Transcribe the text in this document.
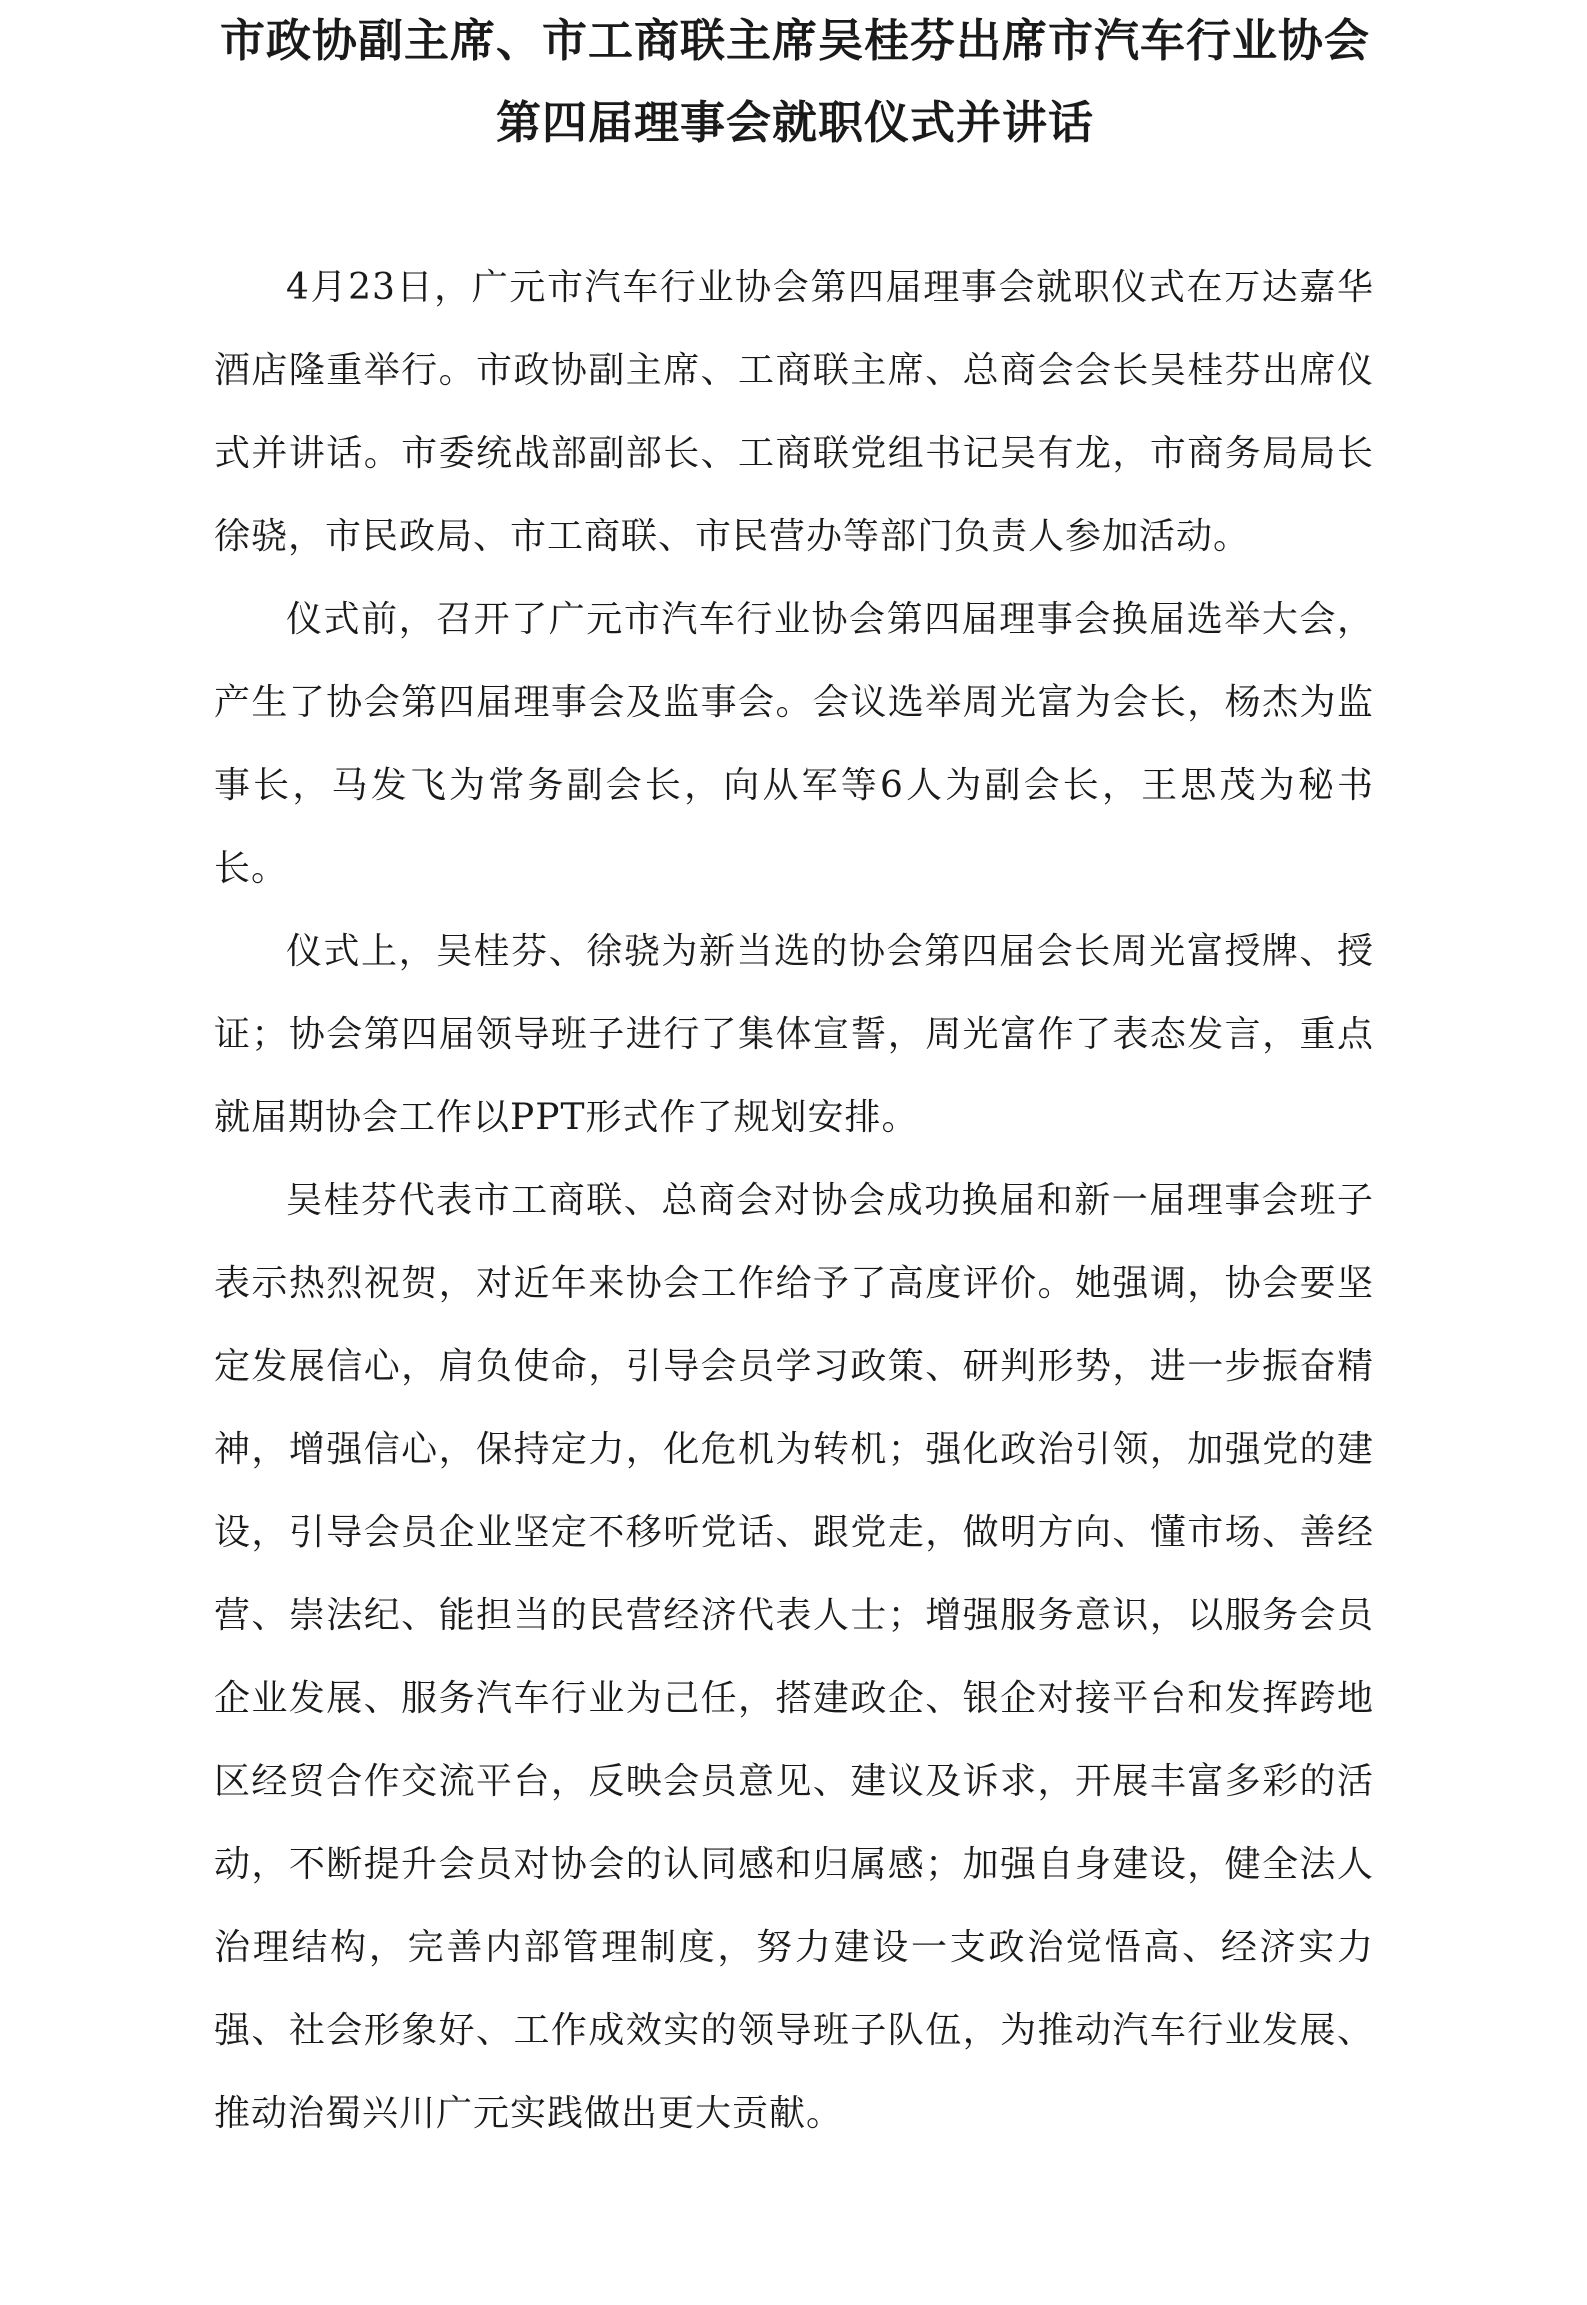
市政协副主席、市工商联主席吴桂芬出席市汽车行业协会
第四届理事会就职仪式并讲话

4月23日，广元市汽车行业协会第四届理事会就职仪式在万达嘉华酒店隆重举行。市政协副主席、工商联主席、总商会会长吴桂芬出席仪式并讲话。市委统战部副部长、工商联党组书记吴有龙，市商务局局长徐骁，市民政局、市工商联、市民营办等部门负责人参加活动。

仪式前，召开了广元市汽车行业协会第四届理事会换届选举大会，产生了协会第四届理事会及监事会。会议选举周光富为会长，杨杰为监事长，马发飞为常务副会长，向从军等6人为副会长，王思茂为秘书长。

仪式上，吴桂芬、徐骁为新当选的协会第四届会长周光富授牌、授证；协会第四届领导班子进行了集体宣誓，周光富作了表态发言，重点就届期协会工作以PPT形式作了规划安排。

吴桂芬代表市工商联、总商会对协会成功换届和新一届理事会班子表示热烈祝贺，对近年来协会工作给予了高度评价。她强调，协会要坚定发展信心，肩负使命，引导会员学习政策、研判形势，进一步振奋精神，增强信心，保持定力，化危机为转机；强化政治引领，加强党的建设，引导会员企业坚定不移听党话、跟党走，做明方向、懂市场、善经营、崇法纪、能担当的民营经济代表人士；增强服务意识，以服务会员企业发展、服务汽车行业为己任，搭建政企、银企对接平台和发挥跨地区经贸合作交流平台，反映会员意见、建议及诉求，开展丰富多彩的活动，不断提升会员对协会的认同感和归属感；加强自身建设，健全法人治理结构，完善内部管理制度，努力建设一支政治觉悟高、经济实力强、社会形象好、工作成效实的领导班子队伍，为推动汽车行业发展、推动治蜀兴川广元实践做出更大贡献。
